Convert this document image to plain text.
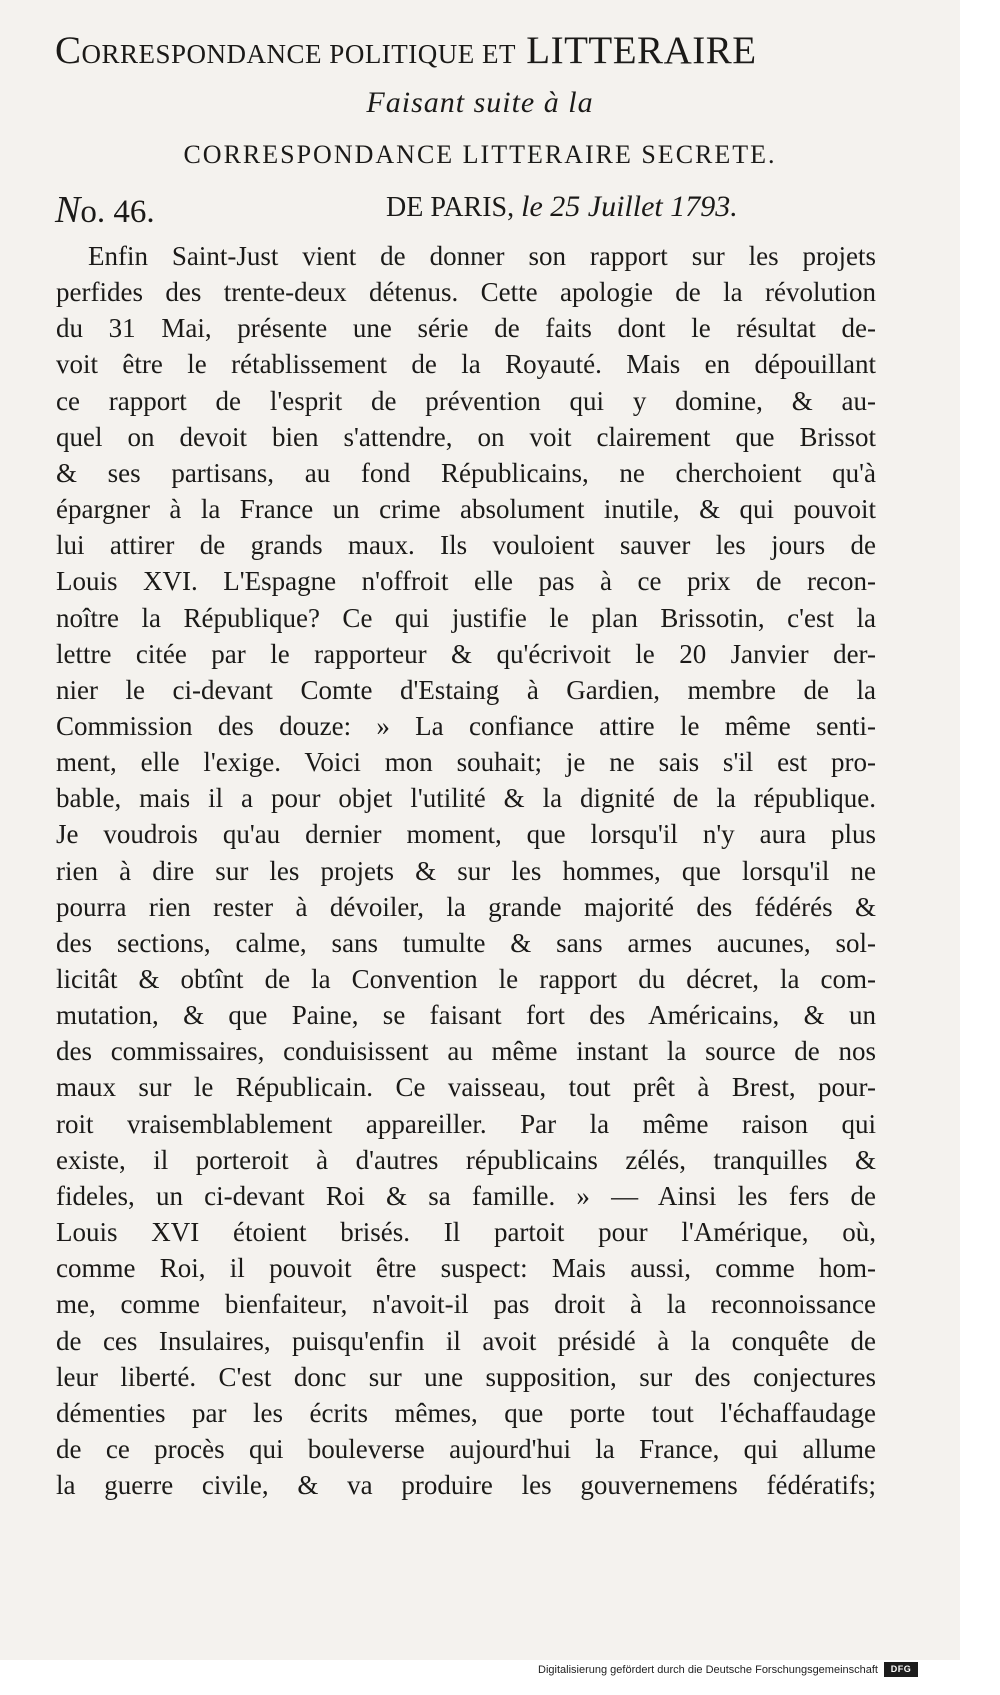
CORRESPONDANCE POLITIQUE ET LITTERAIRE
Faisant suite à la
CORRESPONDANCE LITTERAIRE SECRETE.
No. 46.	DE PARIS, le 25 Juillet 1793.
Enfin Saint-Just vient de donner son rapport sur les projets
perfides des trente-deux détenus. Cette apologie de la révolution
du 31 Mai, présente une série de faits dont le résultat de-
voit être le rétablissement de la Royauté. Mais en dépouillant
ce rapport de l'esprit de prévention qui y domine, & au-
quel on devoit bien s'attendre, on voit clairement que Brissot
& ses partisans, au fond Républicains, ne cherchoient qu'à
épargner à la France un crime absolument inutile, & qui pouvoit
lui attirer de grands maux. Ils vouloient sauver les jours de
Louis XVI. L'Espagne n'offroit elle pas à ce prix de recon-
noître la République? Ce qui justifie le plan Brissotin, c'est la
lettre citée par le rapporteur & qu'écrivoit le 20 Janvier der-
nier le ci-devant Comte d'Estaing à Gardien, membre de la
Commission des douze: » La confiance attire le même senti-
ment, elle l'exige. Voici mon souhait; je ne sais s'il est pro-
bable, mais il a pour objet l'utilité & la dignité de la république.
Je voudrois qu'au dernier moment, que lorsqu'il n'y aura plus
rien à dire sur les projets & sur les hommes, que lorsqu'il ne
pourra rien rester à dévoiler, la grande majorité des fédérés &
des sections, calme, sans tumulte & sans armes aucunes, sol-
licitât & obtînt de la Convention le rapport du décret, la com-
mutation, & que Paine, se faisant fort des Américains, & un
des commissaires, conduisissent au même instant la source de nos
maux sur le Républicain. Ce vaisseau, tout prêt à Brest, pour-
roit vraisemblablement appareiller. Par la même raison qui
existe, il porteroit à d'autres républicains zélés, tranquilles &
fideles, un ci-devant Roi & sa famille. » — Ainsi les fers de
Louis XVI étoient brisés. Il partoit pour l'Amérique, où,
comme Roi, il pouvoit être suspect: Mais aussi, comme hom-
me, comme bienfaiteur, n'avoit-il pas droit à la reconnoissance
de ces Insulaires, puisqu'enfin il avoit présidé à la conquête de
leur liberté. C'est donc sur une supposition, sur des conjectures
démenties par les écrits mêmes, que porte tout l'échaffaudage
de ce procès qui bouleverse aujourd'hui la France, qui allume
la guerre civile, & va produire les gouvernemens fédératifs;
Digitalisierung gefördert durch die Deutsche Forschungsgemeinschaft	DFG
